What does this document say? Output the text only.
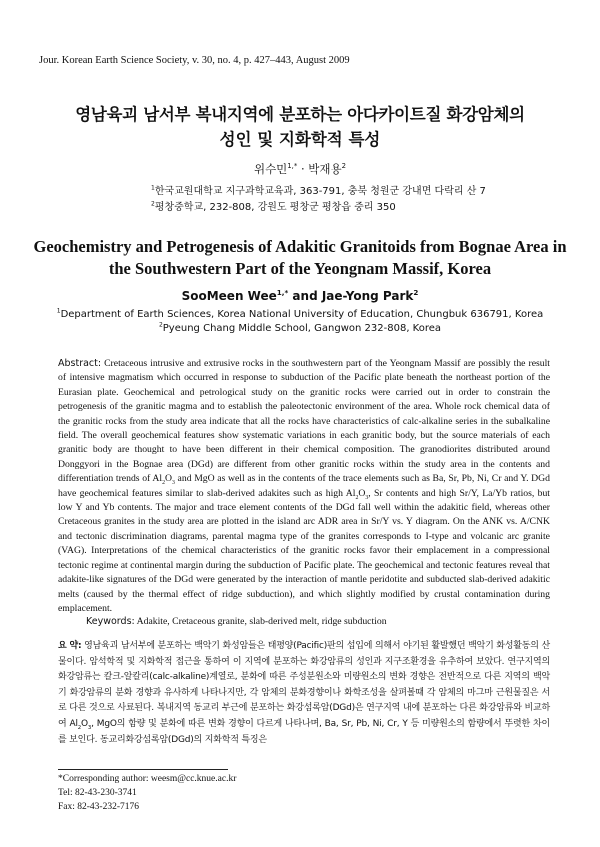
Jour. Korean Earth Science Society, v. 30, no. 4, p. 427–443, August 2009
영남육괴 남서부 복내지역에 분포하는 아다카이트질 화강암체의
성인 및 지화학적 특성
위수민$^{1,*}$ · 박재용$^2$
$^1$한국교원대학교 지구과학교육과, 363-791, 충북 청원군 강내면 다락리 산 7
$^2$평창중학교, 232-808, 강원도 평창군 평창읍 중리 350
Geochemistry and Petrogenesis of Adakitic Granitoids from Bognae Area in
the Southwestern Part of the Yeongnam Massif, Korea
SooMeen Wee$^{1,*}$ and Jae-Yong Park$^2$
$^1$Department of Earth Sciences, Korea National University of Education, Chungbuk 636791, Korea
$^2$Pyeung Chang Middle School, Gangwon 232-808, Korea
Abstract: Cretaceous intrusive and extrusive rocks in the southwestern part of the Yeongnam Massif are possibly the result of intensive magmatism which occurred in response to subduction of the Pacific plate beneath the northeast portion of the Eurasian plate. Geochemical and petrological study on the granitic rocks were carried out in order to constrain the petrogenesis of the granitic magma and to establish the paleotectonic environment of the area. Whole rock chemical data of the granitic rocks from the study area indicate that all the rocks have characteristics of calc-alkaline series in the subalkaline field. The overall geochemical features show systematic variations in each granitic body, but the source materials of each granitic body are thought to have been different in their chemical composition. The granodiorites distributed around Donggyori in the Bognae area (DGd) are different from other granitic rocks within the study area in the contents and differentiation trends of $Al_2O_3$ and MgO as well as in the contents of the trace elements such as Ba, Sr, Pb, Ni, Cr and Y. DGd have geochemical features similar to slab-derived adakites such as high $Al_2O_3$, Sr contents and high Sr/Y, La/Yb ratios, but low Y and Yb contents. The major and trace element contents of the DGd fall well within the adakitic field, whereas other Cretaceous granites in the study area are plotted in the island arc ADR area in Sr/Y vs. Y diagram. On the ANK vs. A/CNK and tectonic discrimination diagrams, parental magma type of the granites corresponds to I-type and volcanic arc granite (VAG). Interpretations of the chemical characteristics of the granitic rocks favor their emplacement in a compressional tectonic regime at continental margin during the subduction of Pacific plate. The geochemical and tectonic features reveal that adakite-like signatures of the DGd were generated by the interaction of mantle peridotite and subducted slab-derived adakitic melts (caused by the thermal effect of ridge subduction), and which slightly modified by crustal contamination during emplacement.
Keywords: Adakite, Cretaceous granite, slab-derived melt, ridge subduction
요 약: 영남육괴 남서부에 분포하는 백악기 화성암들은 태평양(Pacific)판의 섭입에 의해서 야기된 활발했던 백악기 화성활동의 산물이다. 암석학적 및 지화학적 접근을 통하여 이 지역에 분포하는 화강암류의 성인과 지구조환경을 유추하여 보았다. 연구지역의 화강암류는 칼크-알칼리(calc-alkaline)계열로, 분화에 따른 주성분원소와 미량원소의 변화 경향은 전반적으로 다른 지역의 백악기 화강암류의 분화 경향과 유사하게 나타나지만, 각 암체의 분화경향이나 화학조성을 살펴볼때 각 암체의 마그마 근원물질은 서로 다른 것으로 사료된다. 복내지역 동교리 부근에 분포하는 화강섬록암(DGd)은 연구지역 내에 분포하는 다른 화강암류와 비교하여 $Al_2O_3$, MgO의 함량 및 분화에 따른 변화 경향이 다르게 나타나며, Ba, Sr, Pb, Ni, Cr, Y 등 미량원소의 함량에서 뚜렷한 차이를 보인다. 동교리화강섬록암(DGd)의 지화학적 특징은
*Corresponding author: weesm@cc.knue.ac.kr
Tel: 82-43-230-3741
Fax: 82-43-232-7176
